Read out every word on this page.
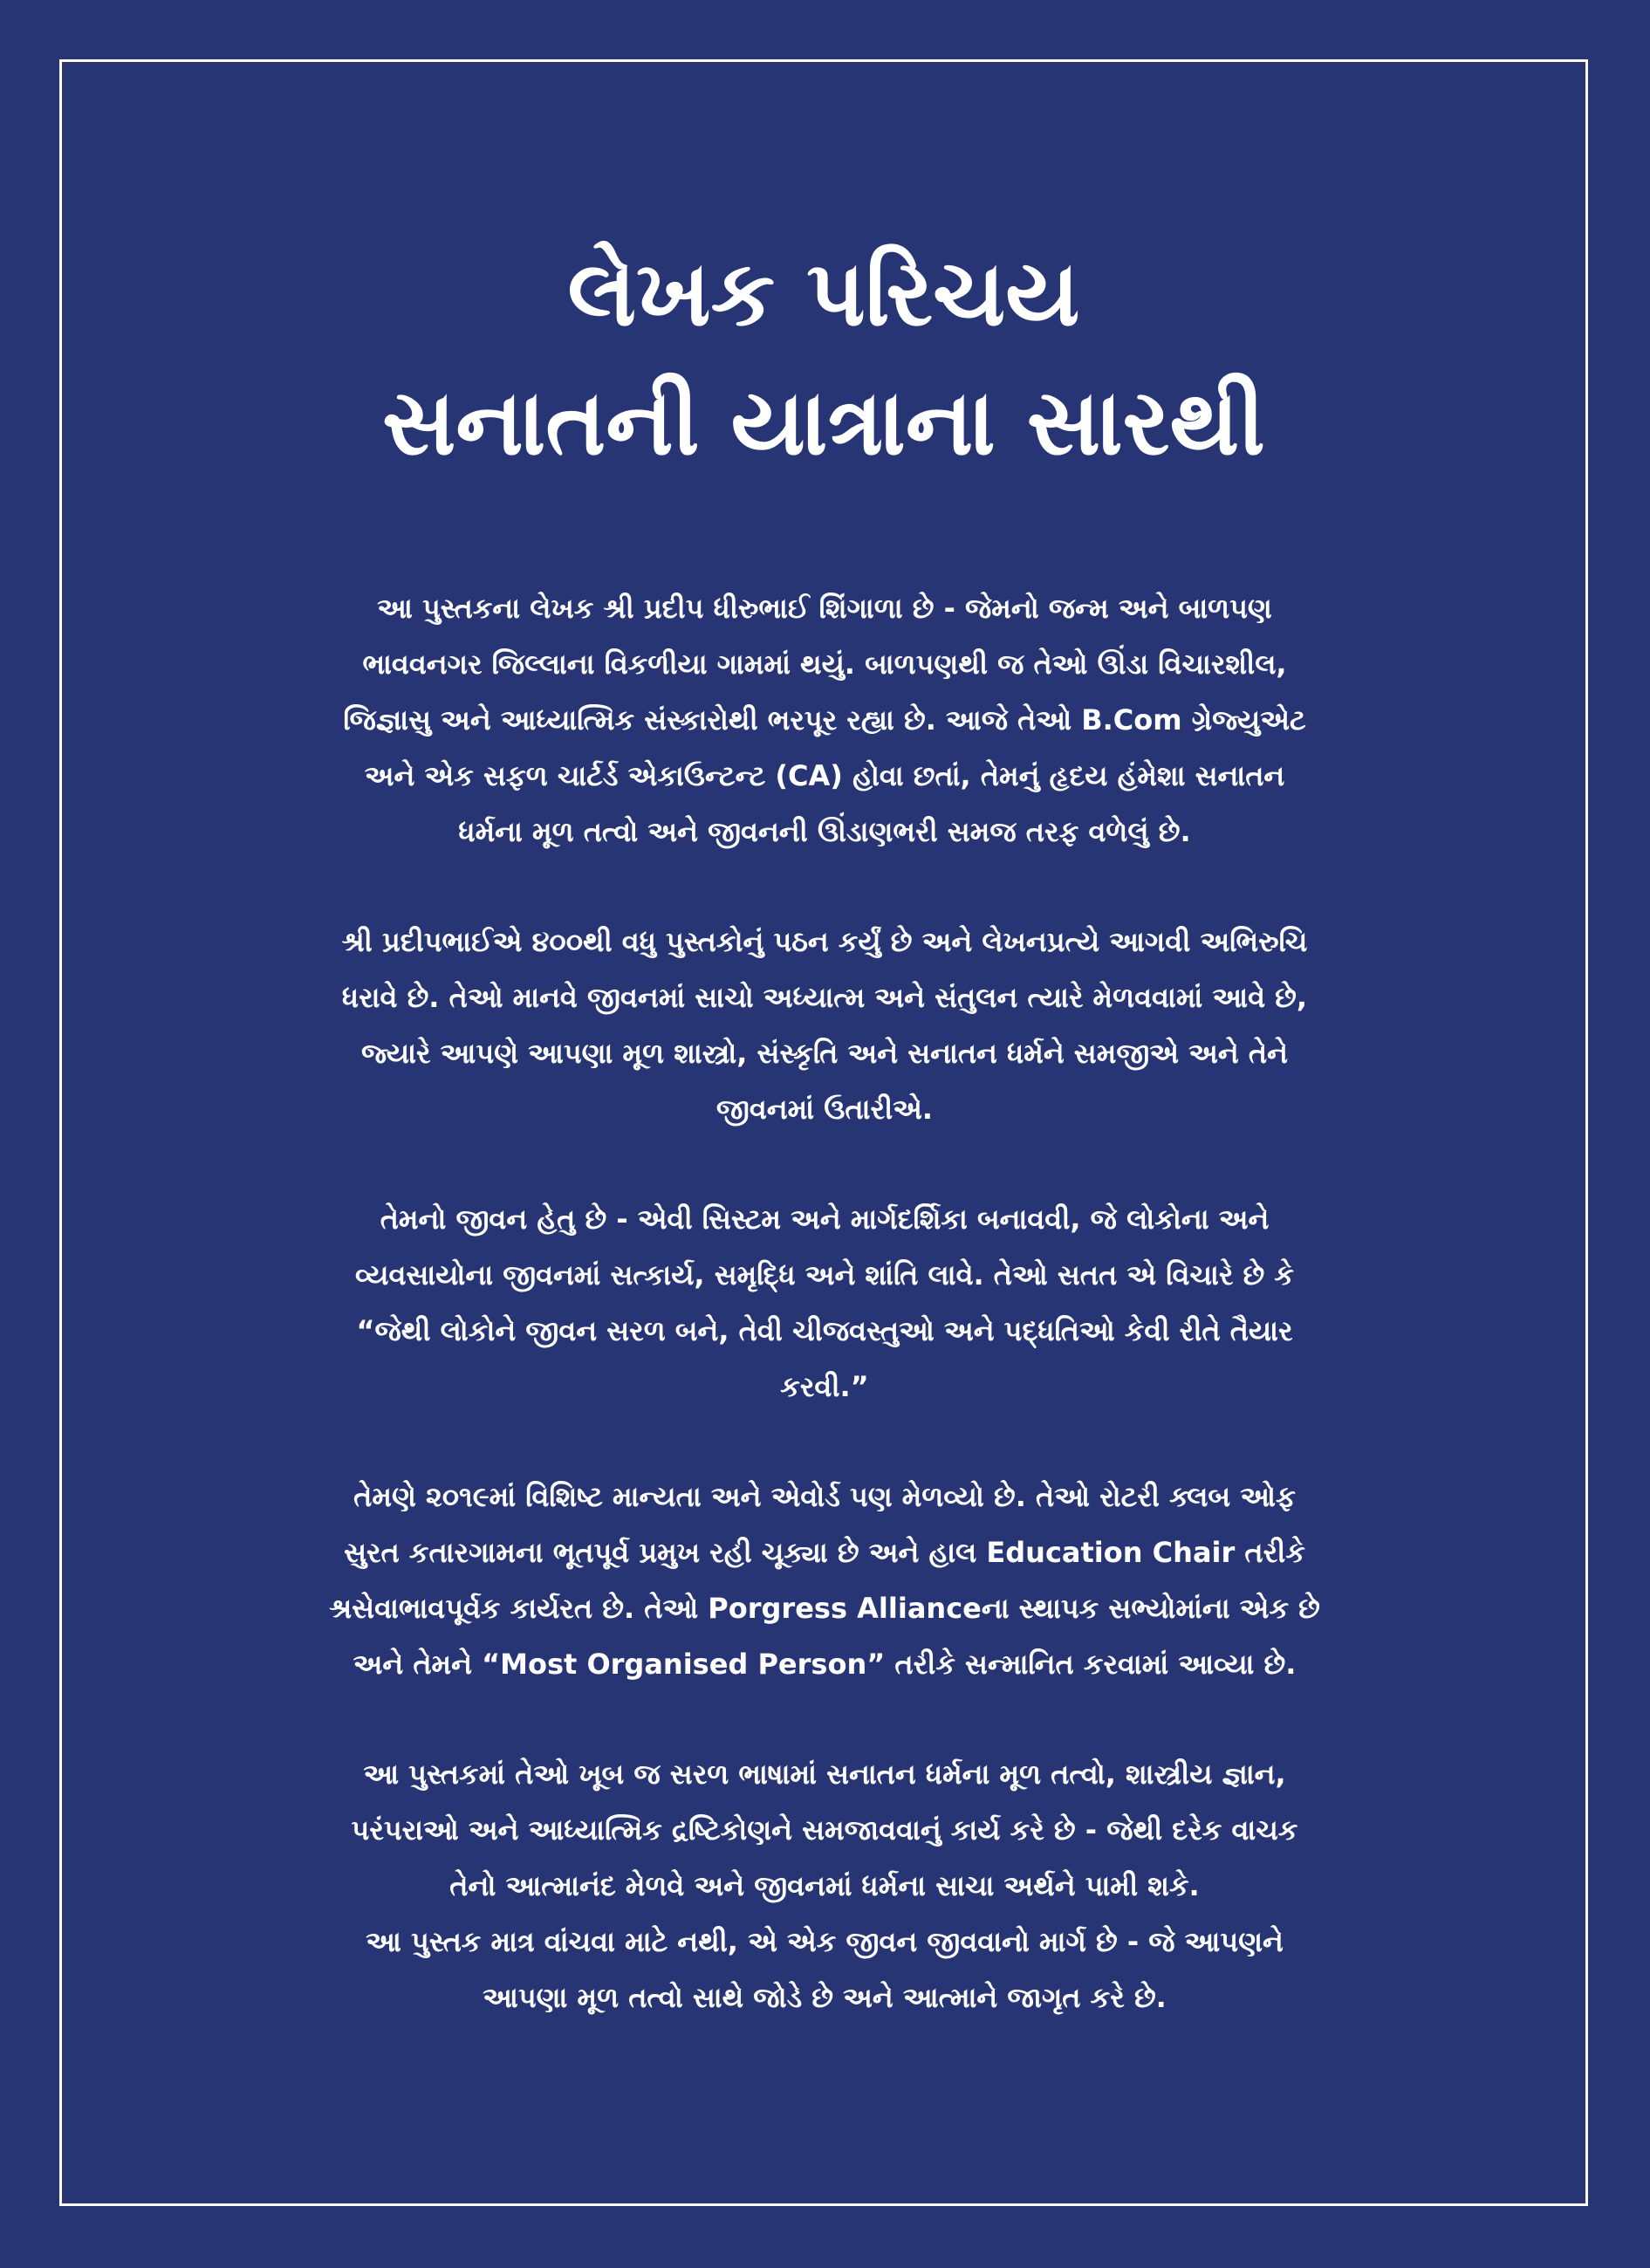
લેખક પરિચય
સનાતની યાત્રાના સારથી

આ પુસ્તકના લેખક શ્રી પ્રદીપ ધીરુભાઈ શિંગાળા છે - જેમનો જન્મ અને બાળપણ
ભાવવનગર જિલ્લાના વિકળીયા ગામમાં થયું. બાળપણથી જ તેઓ ઊંડા વિચારશીલ,
જિજ્ઞાસુ અને આધ્યાત્મિક સંસ્કારોથી ભરપૂર રહ્યા છે. આજે તેઓ B.Com ગ્રેજ્યુએટ
અને એક સફળ ચાર્ટર્ડ એકાઉન્ટન્ટ (CA) હોવા છતાં, તેમનું હૃદય હંમેશા સનાતન
ધર્મના મૂળ તત્વો અને જીવનની ઊંડાણભરી સમજ તરફ વળેલું છે.

શ્રી પ્રદીપભાઈએ ૪૦૦થી વધુ પુસ્તકોનું પઠન કર્યું છે અને લેખનપ્રત્યે આગવી અભિરુચિ
ધરાવે છે. તેઓ માનવે જીવનમાં સાચો અધ્યાત્મ અને સંતુલન ત્યારે મેળવવામાં આવે છે,
જ્યારે આપણે આપણા મૂળ શાસ્ત્રો, સંસ્કૃતિ અને સનાતન ધર્મને સમજીએ અને તેને
જીવનમાં ઉતારીએ.

તેમનો જીવન હેતુ છે - એવી સિસ્ટમ અને માર્ગદર્શિકા બનાવવી, જે લોકોના અને
વ્યવસાયોના જીવનમાં સત્કાર્ય, સમૃદ્ધિ અને શાંતિ લાવે. તેઓ સતત એ વિચારે છે કે
“જેથી લોકોને જીવન સરળ બને, તેવી ચીજવસ્તુઓ અને પદ્ધતિઓ કેવી રીતે તૈયાર
કરવી.”

તેમણે ૨૦૧૯માં વિશિષ્ટ માન્યતા અને એવોર્ડ પણ મેળવ્યો છે. તેઓ રોટરી ક્લબ ઓફ
સુરત કતારગામના ભૂતપૂર્વ પ્રમુખ રહી ચૂક્યા છે અને હાલ Education Chair તરીકે
શ્રસેવાભાવપૂર્વક કાર્યરત છે. તેઓ Porgress Allianceના સ્થાપક સભ્યોમાંના એક છે
અને તેમને “Most Organised Person” તરીકે સન્માનિત કરવામાં આવ્યા છે.

આ પુસ્તકમાં તેઓ ખૂબ જ સરળ ભાષામાં સનાતન ધર્મના મૂળ તત્વો, શાસ્ત્રીય જ્ઞાન,
પરંપરાઓ અને આધ્યાત્મિક દ્રષ્ટિકોણને સમજાવવાનું કાર્ય કરે છે - જેથી દરેક વાચક
તેનો આત્માનંદ મેળવે અને જીવનમાં ધર્મના સાચા અર્થને પામી શકે.
આ પુસ્તક માત્ર વાંચવા માટે નથી, એ એક જીવન જીવવાનો માર્ગ છે - જે આપણને
આપણા મૂળ તત્વો સાથે જોડે છે અને આત્માને જાગૃત કરે છે.
